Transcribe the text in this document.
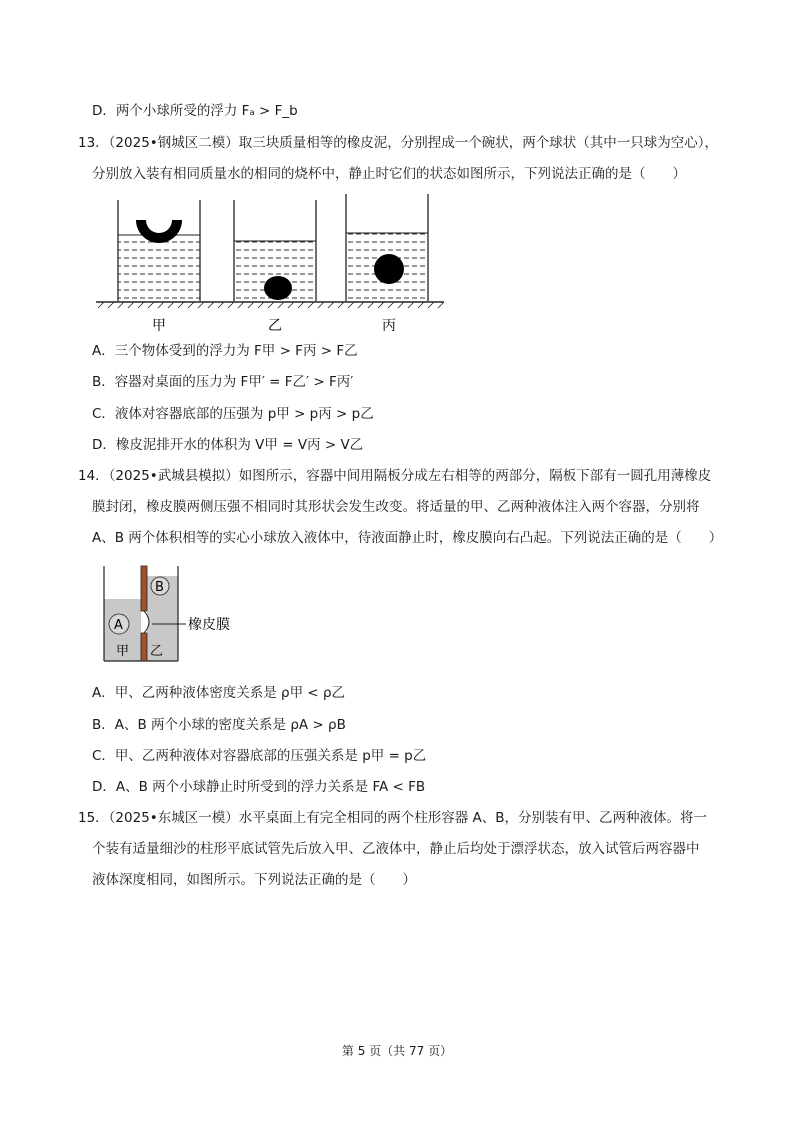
D．两个小球所受的浮力 Fₐ > F_b
13．（2025•钢城区二模）取三块质量相等的橡皮泥，分别捏成一个碗状，两个球状（其中一只球为空心），
分别放入装有相同质量水的相同的烧杯中，静止时它们的状态如图所示，下列说法正确的是（　　）
甲	乙	丙
A．三个物体受到的浮力为 F甲 > F丙 > F乙
B．容器对桌面的压力为 F甲′ = F乙′ > F丙′
C．液体对容器底部的压强为 p甲 > p丙 > p乙
D．橡皮泥排开水的体积为 V甲 = V丙 > V乙
14．（2025•武城县模拟）如图所示，容器中间用隔板分成左右相等的两部分，隔板下部有一圆孔用薄橡皮
膜封闭，橡皮膜两侧压强不相同时其形状会发生改变。将适量的甲、乙两种液体注入两个容器，分别将
A、B 两个体积相等的实心小球放入液体中，待液面静止时，橡皮膜向右凸起。下列说法正确的是（　　）
A
B
甲 乙
橡皮膜
A．甲、乙两种液体密度关系是 ρ甲 < ρ乙
B．A、B 两个小球的密度关系是 ρA > ρB
C．甲、乙两种液体对容器底部的压强关系是 p甲 = p乙
D．A、B 两个小球静止时所受到的浮力关系是 FA < FB
15．（2025•东城区一模）水平桌面上有完全相同的两个柱形容器 A、B，分别装有甲、乙两种液体。将一
个装有适量细沙的柱形平底试管先后放入甲、乙液体中，静止后均处于漂浮状态，放入试管后两容器中
液体深度相同，如图所示。下列说法正确的是（　　）
第 5 页（共 77 页）
